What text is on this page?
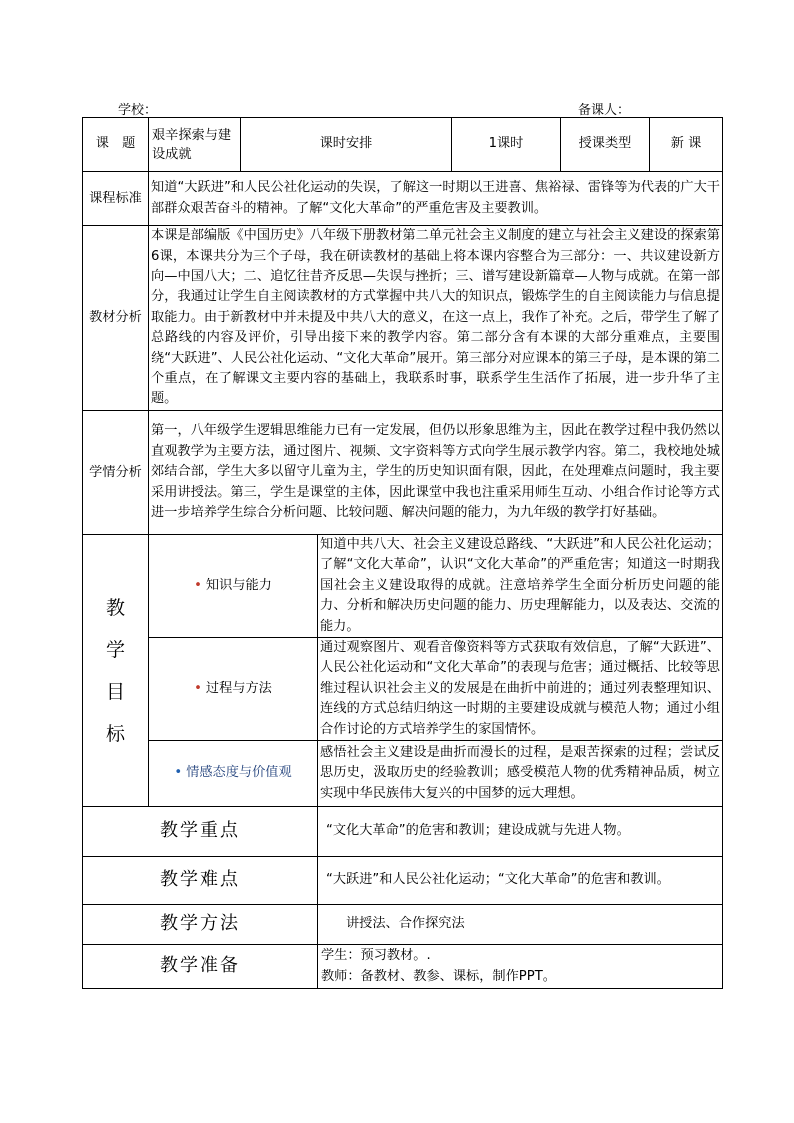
学校：	备课人：
课　题	艰辛探索与建设成就	课时安排		1课时	授课类型	新 课
课程标准	知道“大跃进”和人民公社化运动的失误，了解这一时期以王进喜、焦裕禄、雷锋等为代表的广大干部群众艰苦奋斗的精神。了解“文化大革命”的严重危害及主要教训。					
教材分析	本课是部编版《中国历史》八年级下册教材第二单元社会主义制度的建立与社会主义建设的探索第6课，本课共分为三个子母，我在研读教材的基础上将本课内容整合为三部分：一、共议建设新方向—中国八大；二、追忆往昔齐反思—失误与挫折；三、谱写建设新篇章—人物与成就。在第一部分，我通过让学生自主阅读教材的方式掌握中共八大的知识点，锻炼学生的自主阅读能力与信息提取能力。由于新教材中并未提及中共八大的意义，在这一点上，我作了补充。之后，带学生了解了总路线的内容及评价，引导出接下来的教学内容。第二部分含有本课的大部分重难点，主要围绕“大跃进”、人民公社化运动、“文化大革命”展开。第三部分对应课本的第三子母，是本课的第二个重点，在了解课文主要内容的基础上，我联系时事，联系学生生活作了拓展，进一步升华了主题。					
学情分析	第一，八年级学生逻辑思维能力已有一定发展，但仍以形象思维为主，因此在教学过程中我仍然以直观教学为主要方法，通过图片、视频、文字资料等方式向学生展示教学内容。第二，我校地处城郊结合部，学生大多以留守儿童为主，学生的历史知识面有限，因此，在处理难点问题时，我主要采用讲授法。第三，学生是课堂的主体，因此课堂中我也注重采用师生互动、小组合作讨论等方式进一步培养学生综合分析问题、比较问题、解决问题的能力，为九年级的教学打好基础。					

教
学
目
标	• 知识与能力		知道中共八大、社会主义建设总路线、“大跃进”和人民公社化运动；了解“文化大革命”，认识“文化大革命”的严重危害；知道这一时期我国社会主义建设取得的成就。注意培养学生全面分析历史问题的能力、分析和解决历史问题的能力、历史理解能力，以及表达、交流的能力。			
	• 过程与方法		通过观察图片、观看音像资料等方式获取有效信息，了解“大跃进”、人民公社化运动和“文化大革命”的表现与危害；通过概括、比较等思维过程认识社会主义的发展是在曲折中前进的；通过列表整理知识、连线的方式总结归纳这一时期的主要建设成就与模范人物；通过小组合作讨论的方式培养学生的家国情怀。			
	• 情感态度与价值观		感悟社会主义建设是曲折而漫长的过程，是艰苦探索的过程；尝试反思历史，汲取历史的经验教训；感受模范人物的优秀精神品质，树立实现中华民族伟大复兴的中国梦的远大理想。			
教学重点			“文化大革命”的危害和教训；建设成就与先进人物。			
教学难点			“大跃进”和人民公社化运动；“文化大革命”的危害和教训。			
教学方法			讲授法、合作探究法			
教学准备			学生：预习教材。.
教师：备教材、教参、课标，制作PPT。			
